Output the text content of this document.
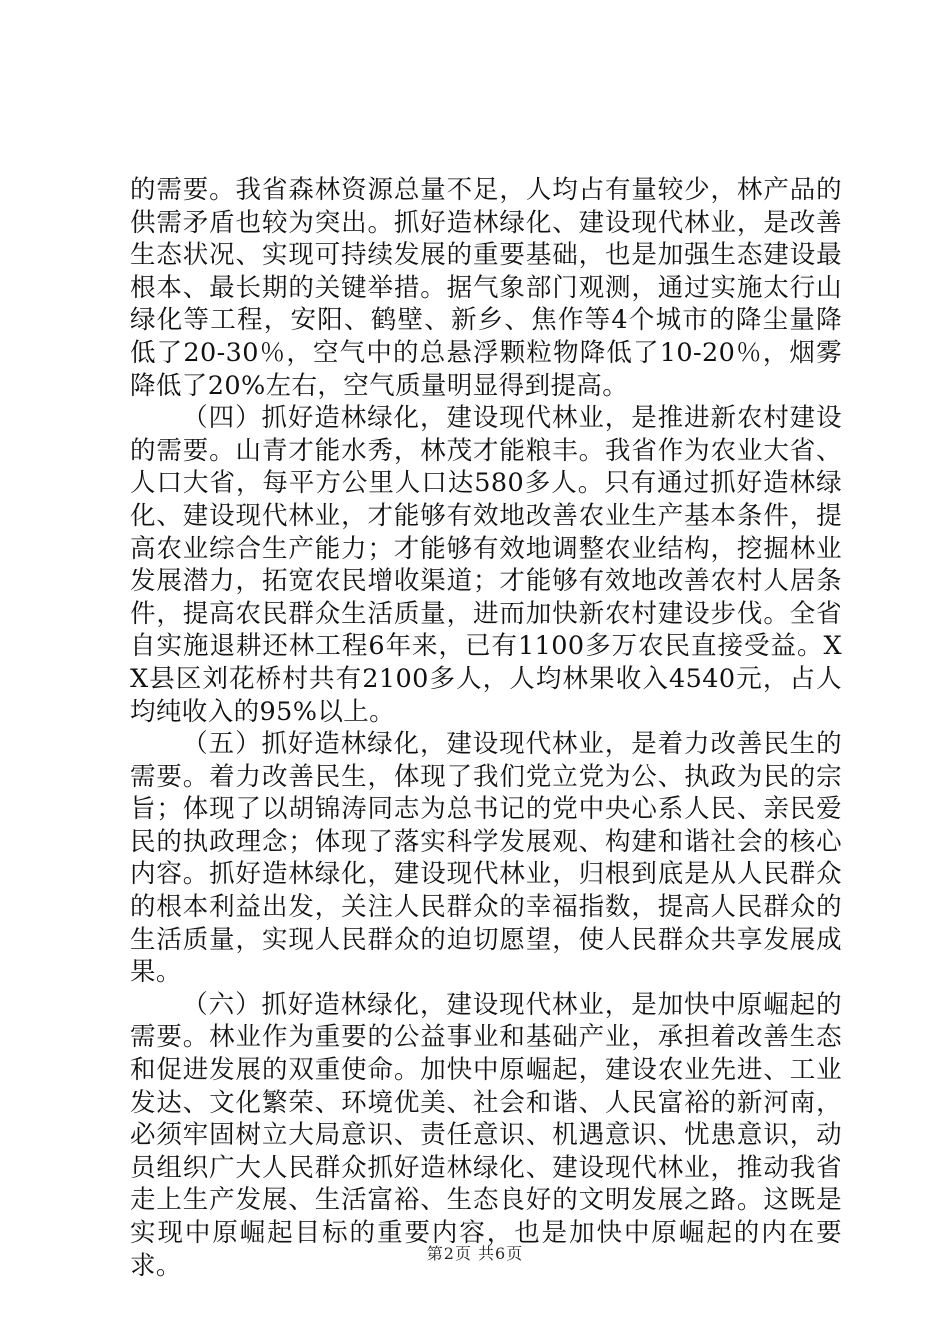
的需要。我省森林资源总量不足，人均占有量较少，林产品的供需矛盾也较为突出。抓好造林绿化、建设现代林业，是改善生态状况、实现可持续发展的重要基础，也是加强生态建设最根本、最长期的关键举措。据气象部门观测，通过实施太行山绿化等工程，安阳、鹤壁、新乡、焦作等4个城市的降尘量降低了20-30％，空气中的总悬浮颗粒物降低了10-20％，烟雾降低了20%左右，空气质量明显得到提高。

（四）抓好造林绿化，建设现代林业，是推进新农村建设的需要。山青才能水秀，林茂才能粮丰。我省作为农业大省、人口大省，每平方公里人口达580多人。只有通过抓好造林绿化、建设现代林业，才能够有效地改善农业生产基本条件，提高农业综合生产能力；才能够有效地调整农业结构，挖掘林业发展潜力，拓宽农民增收渠道；才能够有效地改善农村人居条件，提高农民群众生活质量，进而加快新农村建设步伐。全省自实施退耕还林工程6年来，已有1100多万农民直接受益。XX县区刘花桥村共有2100多人，人均林果收入4540元，占人均纯收入的95%以上。

（五）抓好造林绿化，建设现代林业，是着力改善民生的需要。着力改善民生，体现了我们党立党为公、执政为民的宗旨；体现了以胡锦涛同志为总书记的党中央心系人民、亲民爱民的执政理念；体现了落实科学发展观、构建和谐社会的核心内容。抓好造林绿化，建设现代林业，归根到底是从人民群众的根本利益出发，关注人民群众的幸福指数，提高人民群众的生活质量，实现人民群众的迫切愿望，使人民群众共享发展成果。

（六）抓好造林绿化，建设现代林业，是加快中原崛起的需要。林业作为重要的公益事业和基础产业，承担着改善生态和促进发展的双重使命。加快中原崛起，建设农业先进、工业发达、文化繁荣、环境优美、社会和谐、人民富裕的新河南，必须牢固树立大局意识、责任意识、机遇意识、忧患意识，动员组织广大人民群众抓好造林绿化、建设现代林业，推动我省走上生产发展、生活富裕、生态良好的文明发展之路。这既是实现中原崛起目标的重要内容，也是加快中原崛起的内在要求。	第2页 共6页
